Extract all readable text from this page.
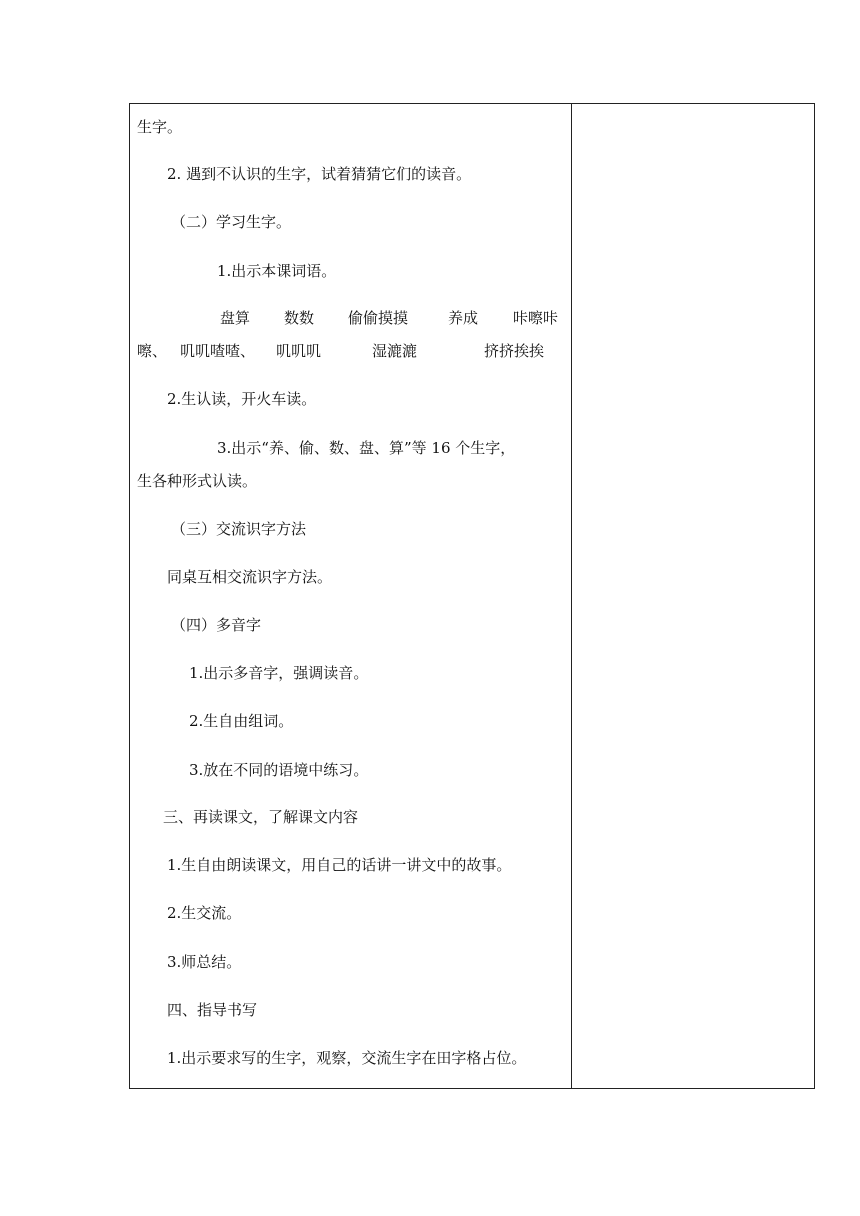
生字。
2. 遇到不认识的生字，试着猜猜它们的读音。
（二）学习生字。
1.出示本课词语。
盘算 数数 偷偷摸摸	养成 咔嚓咔
嚓、 叽叽喳喳、 叽叽叽	湿漉漉	挤挤挨挨
2.生认读，开火车读。
3.出示“养、偷、数、盘、算”等 16 个生字，
生各种形式认读。
（三）交流识字方法
同桌互相交流识字方法。
（四）多音字
1.出示多音字，强调读音。
2.生自由组词。
3.放在不同的语境中练习。
三、再读课文，了解课文内容
1.生自由朗读课文，用自己的话讲一讲文中的故事。
2.生交流。
3.师总结。
四、指导书写
1.出示要求写的生字，观察，交流生字在田字格占位。
